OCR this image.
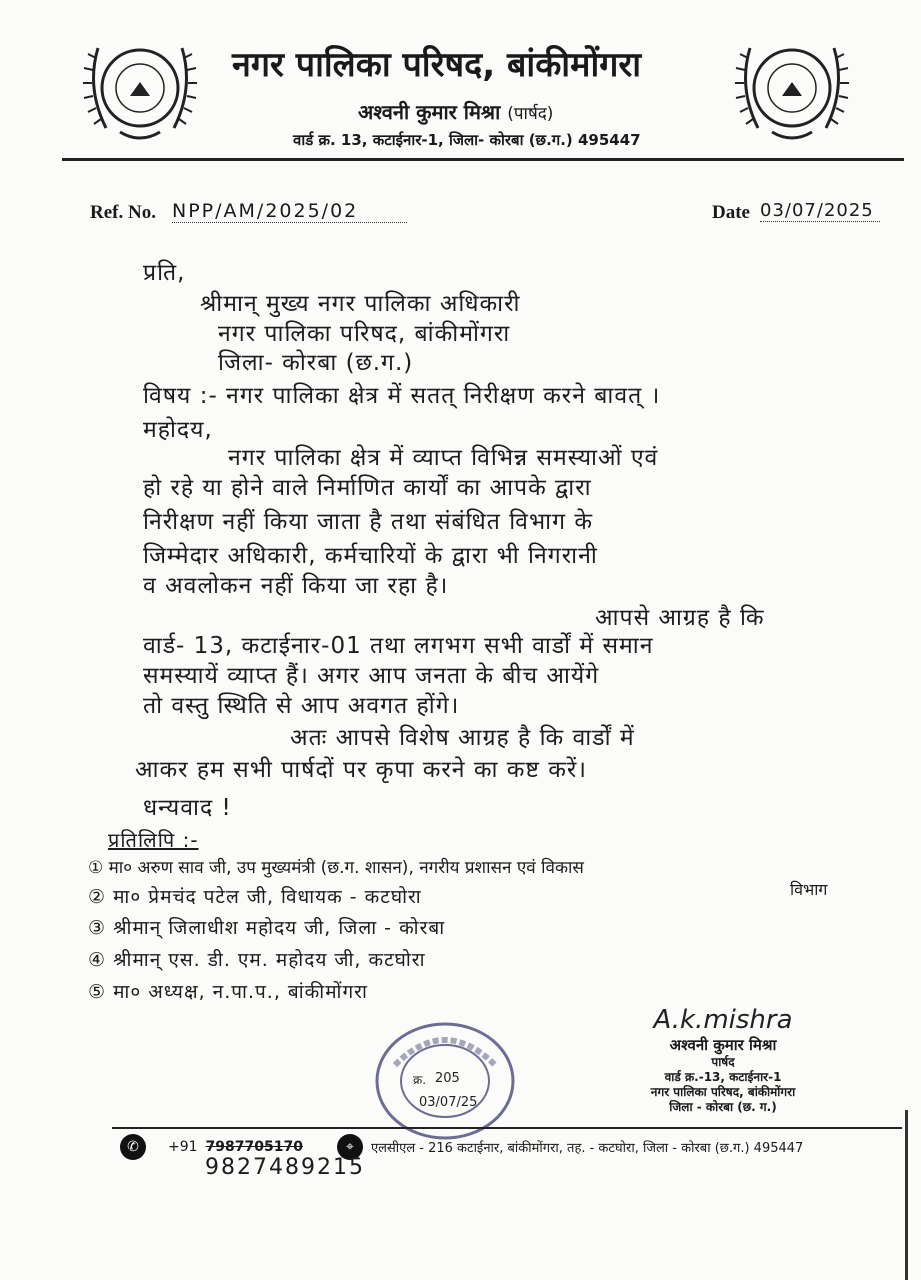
नगर पालिका परिषद, बांकीमोंगरा
अश्वनी कुमार मिश्रा (पार्षद)
वार्ड क्र. 13, कटाईनार-1, जिला- कोरबा (छ.ग.) 495447
Ref. No. NPP/AM/2025/02	Date 03/07/2025
प्रति,
श्रीमान् मुख्य नगर पालिका अधिकारी
नगर पालिका परिषद, बांकीमोंगरा
जिला- कोरबा (छ.ग.)
विषय :- नगर पालिका क्षेत्र में सतत् निरीक्षण करने बावत् ।
महोदय,
नगर पालिका क्षेत्र में व्याप्त विभिन्न समस्याओं एवं
हो रहे या होने वाले निर्माणित कार्यों का आपके द्वारा
निरीक्षण नहीं किया जाता है तथा संबंधित विभाग के
जिम्मेदार अधिकारी, कर्मचारियों के द्वारा भी निगरानी
व अवलोकन नहीं किया जा रहा है।
आपसे आग्रह है कि
वार्ड- 13, कटाईनार-01 तथा लगभग सभी वार्डों में समान
समस्यायें व्याप्त हैं। अगर आप जनता के बीच आयेंगे
तो वस्तु स्थिति से आप अवगत होंगे।
अतः आपसे विशेष आग्रह है कि वार्डों में
आकर हम सभी पार्षदों पर कृपा करने का कष्ट करें।
धन्यवाद !
प्रतिलिपि :-
① मा० अरुण साव जी, उप मुख्यमंत्री (छ.ग. शासन), नगरीय प्रशासन एवं विकास
विभाग
② मा० प्रेमचंद पटेल जी, विधायक - कटघोरा
③ श्रीमान् जिलाधीश महोदय जी, जिला - कोरबा
④ श्रीमान् एस. डी. एम. महोदय जी, कटघोरा
⑤ मा० अध्यक्ष, न.पा.प., बांकीमोंगरा
A.k.mishra
अश्वनी कुमार मिश्रा
पार्षद
वार्ड क्र.-13, कटाईनार-1
नगर पालिका परिषद, बांकीमोंगरा
जिला - कोरबा (छ. ग.)
क्र. 205
03/07/25
✆	+91 7987705170	⌖	एलसीएल - 216 कटाईनार, बांकीमोंगरा, तह. - कटघोरा, जिला - कोरबा (छ.ग.) 495447
9827489215
